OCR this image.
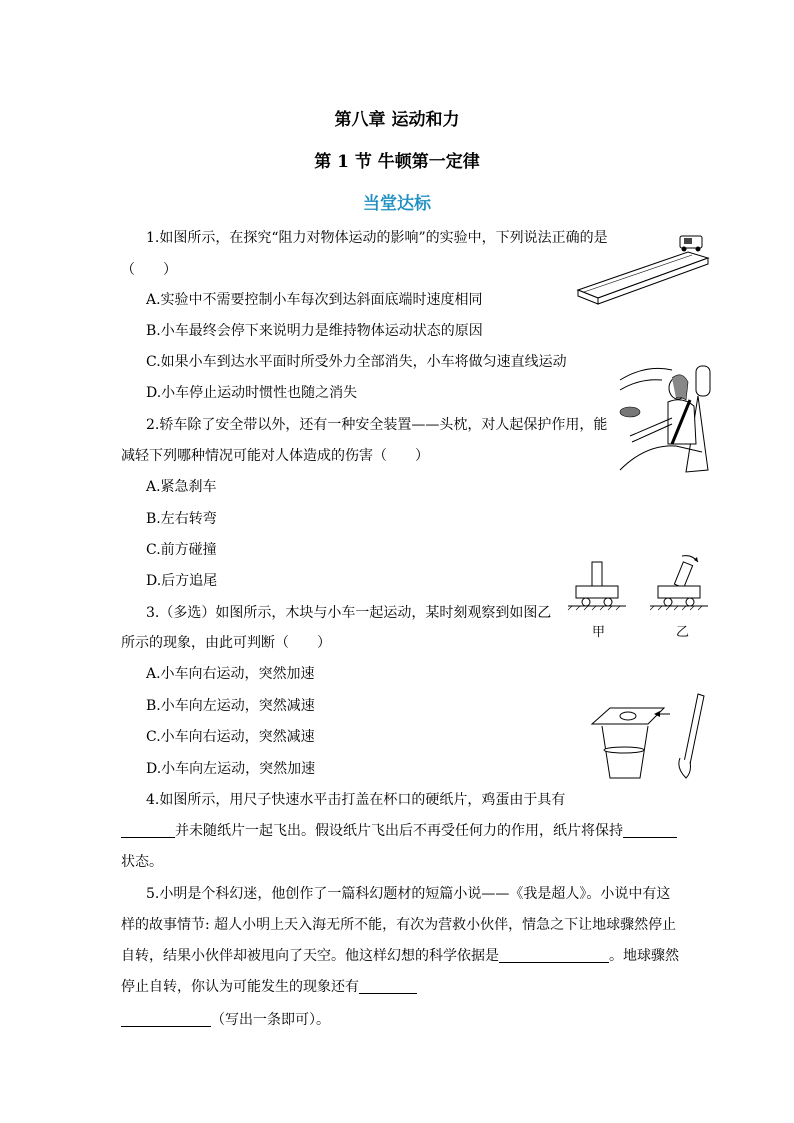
第八章 运动和力
第 1 节 牛顿第一定律
当堂达标
1.如图所示，在探究“阻力对物体运动的影响”的实验中，下列说法正确的是
（　　）
A.实验中不需要控制小车每次到达斜面底端时速度相同
B.小车最终会停下来说明力是维持物体运动状态的原因
C.如果小车到达水平面时所受外力全部消失，小车将做匀速直线运动
D.小车停止运动时惯性也随之消失
2.轿车除了安全带以外，还有一种安全装置——头枕，对人起保护作用，能
减轻下列哪种情况可能对人体造成的伤害（　　）
A.紧急刹车
B.左右转弯
C.前方碰撞
D.后方追尾
3.（多选）如图所示，木块与小车一起运动，某时刻观察到如图乙
所示的现象，由此可判断（　　）
A.小车向右运动，突然加速
B.小车向左运动，突然减速
C.小车向右运动，突然减速
D.小车向左运动，突然加速
甲	乙
4.如图所示，用尺子快速水平击打盖在杯口的硬纸片，鸡蛋由于具有
并未随纸片一起飞出。假设纸片飞出后不再受任何力的作用，纸片将保持
状态。
5.小明是个科幻迷，他创作了一篇科幻题材的短篇小说——《我是超人》。小说中有这
样的故事情节: 超人小明上天入海无所不能，有次为营救小伙伴，情急之下让地球骤然停止
自转，结果小伙伴却被甩向了天空。他这样幻想的科学依据是	。地球骤然
停止自转，你认为可能发生的现象还有
（写出一条即可）。
